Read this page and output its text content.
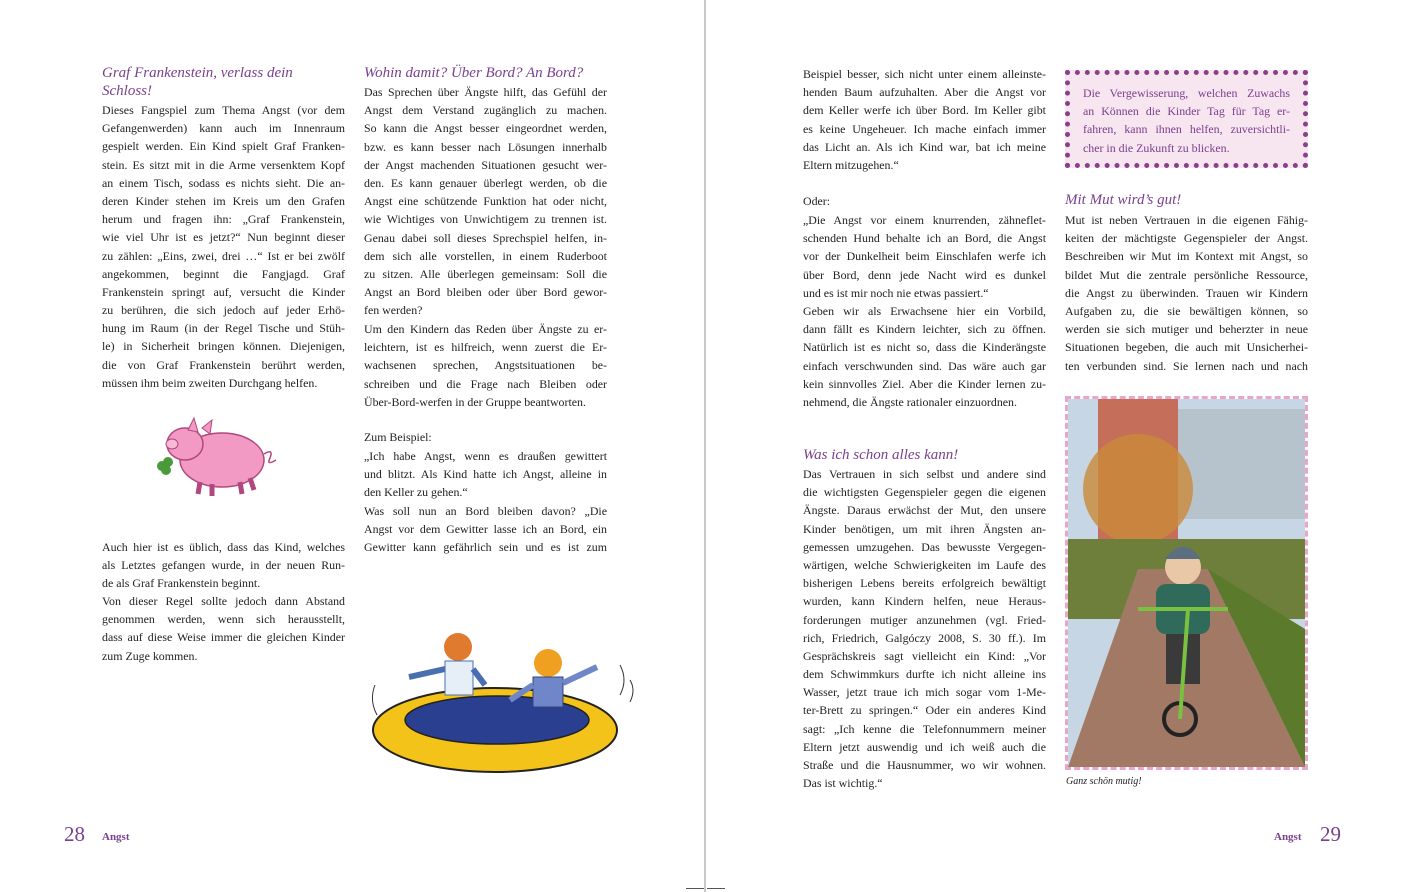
Graf Frankenstein, verlass dein
Schloss!
Dieses Fangspiel zum Thema Angst (vor dem
Gefangenwerden) kann auch im Innenraum
gespielt werden. Ein Kind spielt Graf Franken-
stein. Es sitzt mit in die Arme versenktem Kopf
an einem Tisch, sodass es nichts sieht. Die an-
deren Kinder stehen im Kreis um den Grafen
herum und fragen ihn: „Graf Frankenstein,
wie viel Uhr ist es jetzt?“ Nun beginnt dieser
zu zählen: „Eins, zwei, drei …“ Ist er bei zwölf
angekommen, beginnt die Fangjagd. Graf
Frankenstein springt auf, versucht die Kinder
zu berühren, die sich jedoch auf jeder Erhö-
hung im Raum (in der Regel Tische und Stüh-
le) in Sicherheit bringen können. Diejenigen,
die von Graf Frankenstein berührt werden,
müssen ihm beim zweiten Durchgang helfen.
Auch hier ist es üblich, dass das Kind, welches
als Letztes gefangen wurde, in der neuen Run-
de als Graf Frankenstein beginnt.
Von dieser Regel sollte jedoch dann Abstand
genommen werden, wenn sich herausstellt,
dass auf diese Weise immer die gleichen Kinder
zum Zuge kommen.
Wohin damit? Über Bord? An Bord?
Das Sprechen über Ängste hilft, das Gefühl der
Angst dem Verstand zugänglich zu machen.
So kann die Angst besser eingeordnet werden,
bzw. es kann besser nach Lösungen innerhalb
der Angst machenden Situationen gesucht wer-
den. Es kann genauer überlegt werden, ob die
Angst eine schützende Funktion hat oder nicht,
wie Wichtiges von Unwichtigem zu trennen ist.
Genau dabei soll dieses Sprechspiel helfen, in-
dem sich alle vorstellen, in einem Ruderboot
zu sitzen. Alle überlegen gemeinsam: Soll die
Angst an Bord bleiben oder über Bord gewor-
fen werden?
Um den Kindern das Reden über Ängste zu er-
leichtern, ist es hilfreich, wenn zuerst die Er-
wachsenen sprechen, Angstsituationen be-
schreiben und die Frage nach Bleiben oder
Über-Bord-werfen in der Gruppe beantworten.
Zum Beispiel:
„Ich habe Angst, wenn es draußen gewittert
und blitzt. Als Kind hatte ich Angst, alleine in
den Keller zu gehen.“
Was soll nun an Bord bleiben davon? „Die
Angst vor dem Gewitter lasse ich an Bord, ein
Gewitter kann gefährlich sein und es ist zum
Beispiel besser, sich nicht unter einem alleinste-
henden Baum aufzuhalten. Aber die Angst vor
dem Keller werfe ich über Bord. Im Keller gibt
es keine Ungeheuer. Ich mache einfach immer
das Licht an. Als ich Kind war, bat ich meine
Eltern mitzugehen.“
Oder:
„Die Angst vor einem knurrenden, zähneflet-
schenden Hund behalte ich an Bord, die Angst
vor der Dunkelheit beim Einschlafen werfe ich
über Bord, denn jede Nacht wird es dunkel
und es ist mir noch nie etwas passiert.“
Geben wir als Erwachsene hier ein Vorbild,
dann fällt es Kindern leichter, sich zu öffnen.
Natürlich ist es nicht so, dass die Kinderängste
einfach verschwunden sind. Das wäre auch gar
kein sinnvolles Ziel. Aber die Kinder lernen zu-
nehmend, die Ängste rationaler einzuordnen.
Was ich schon alles kann!
Das Vertrauen in sich selbst und andere sind
die wichtigsten Gegenspieler gegen die eigenen
Ängste. Daraus erwächst der Mut, den unsere
Kinder benötigen, um mit ihren Ängsten an-
gemessen umzugehen. Das bewusste Vergegen-
wärtigen, welche Schwierigkeiten im Laufe des
bisherigen Lebens bereits erfolgreich bewältigt
wurden, kann Kindern helfen, neue Heraus-
forderungen mutiger anzunehmen (vgl. Fried-
rich, Friedrich, Galgóczy 2008, S. 30 ff.). Im
Gesprächskreis sagt vielleicht ein Kind: „Vor
dem Schwimmkurs durfte ich nicht alleine ins
Wasser, jetzt traue ich mich sogar vom 1-Me-
ter-Brett zu springen.“ Oder ein anderes Kind
sagt: „Ich kenne die Telefonnummern meiner
Eltern jetzt auswendig und ich weiß auch die
Straße und die Hausnummer, wo wir wohnen.
Das ist wichtig.“
Die Vergewisserung, welchen Zuwachs
an Können die Kinder Tag für Tag er-
fahren, kann ihnen helfen, zuversichtli-
cher in die Zukunft zu blicken.
Mit Mut wird’s gut!
Mut ist neben Vertrauen in die eigenen Fähig-
keiten der mächtigste Gegenspieler der Angst.
Beschreiben wir Mut im Kontext mit Angst, so
bildet Mut die zentrale persönliche Ressource,
die Angst zu überwinden. Trauen wir Kindern
Aufgaben zu, die sie bewältigen können, so
werden sie sich mutiger und beherzter in neue
Situationen begeben, die auch mit Unsicherhei-
ten verbunden sind. Sie lernen nach und nach
Ganz schön mutig!
28 Angst	Angst 29
